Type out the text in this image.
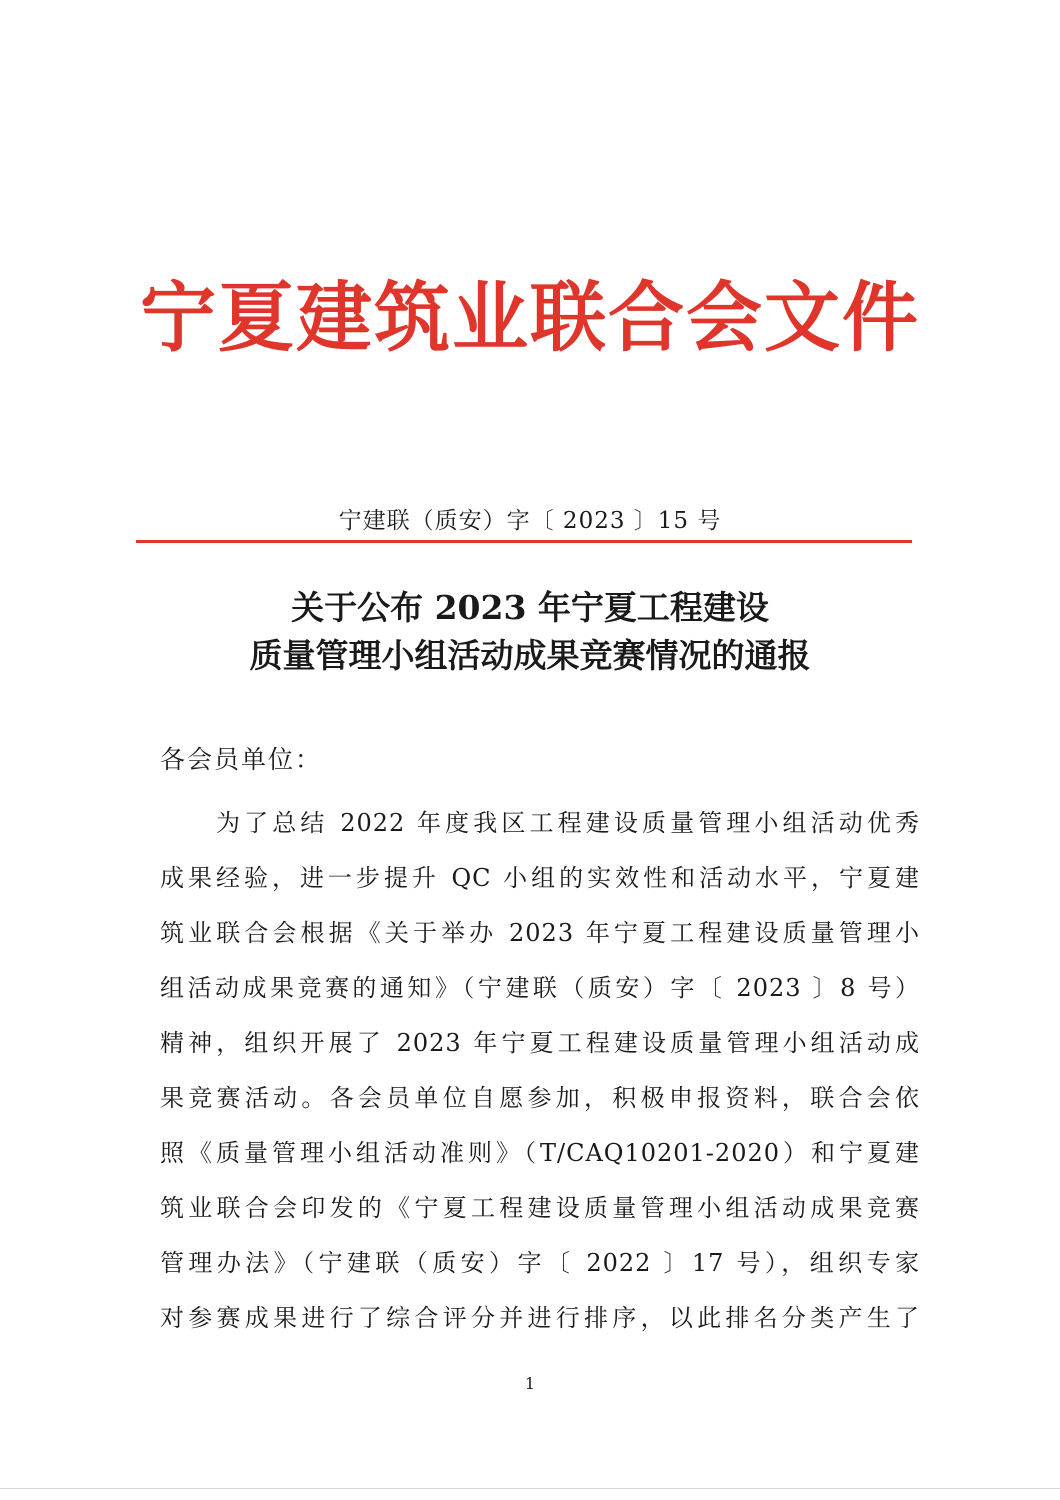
宁夏建筑业联合会文件
宁建联（质安）字〔 2023 〕15 号
关于公布 2023 年宁夏工程建设
质量管理小组活动成果竞赛情况的通报
各会员单位：
为了总结 2022 年度我区工程建设质量管理小组活动优秀
成果经验，进一步提升 QC 小组的实效性和活动水平，宁夏建
筑业联合会根据《关于举办 2023 年宁夏工程建设质量管理小
组活动成果竞赛的通知》（宁建联（质安）字〔 2023 〕8 号）
精神，组织开展了 2023 年宁夏工程建设质量管理小组活动成
果竞赛活动。各会员单位自愿参加，积极申报资料，联合会依
照《质量管理小组活动准则》（T/CAQ10201-2020）和宁夏建
筑业联合会印发的《宁夏工程建设质量管理小组活动成果竞赛
管理办法》（宁建联（质安）字〔 2022 〕17 号），组织专家
对参赛成果进行了综合评分并进行排序，以此排名分类产生了
1
